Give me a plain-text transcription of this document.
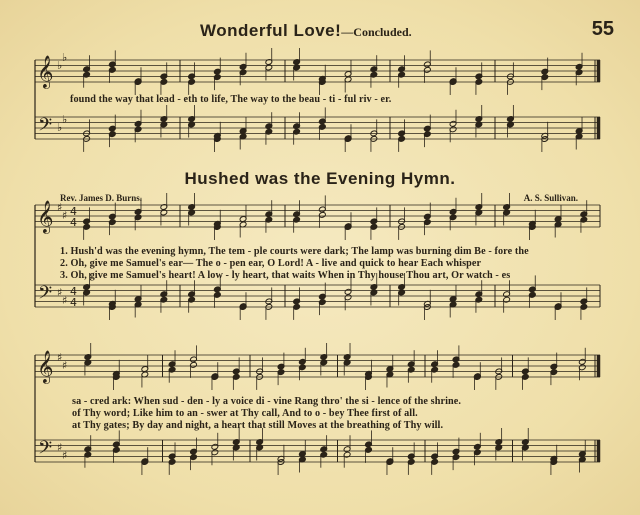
𝄞
𝄢
♭
♭
♭
♭
𝄞
𝄢
♯
♯
♯
♯
4
4
4
4
𝄞
𝄢
♯
♯
♯
♯
Wonderful Love!—Concluded.	55
found the way that lead - eth to life, The way to the beau - ti - ful riv - er.
Hushed was the Evening Hymn.
Rev. James D. Burns.	A. S. Sullivan.
1. Hush'd was the evening hymn, The tem - ple courts were dark; The lamp was burning dim Be - fore the
2. Oh, give me Samuel's ear— The o - pen ear, O Lord! A - live and quick to hear Each whisper
3. Oh, give me Samuel's heart! A low - ly heart, that waits When in Thy house Thou art, Or watch - es
sa - cred ark: When sud - den - ly a voice di - vine Rang thro' the si - lence of the shrine.
of Thy word; Like him to an - swer at Thy call, And to o - bey Thee first of all.
at Thy gates; By day and night, a heart that still Moves at the breathing of Thy will.
